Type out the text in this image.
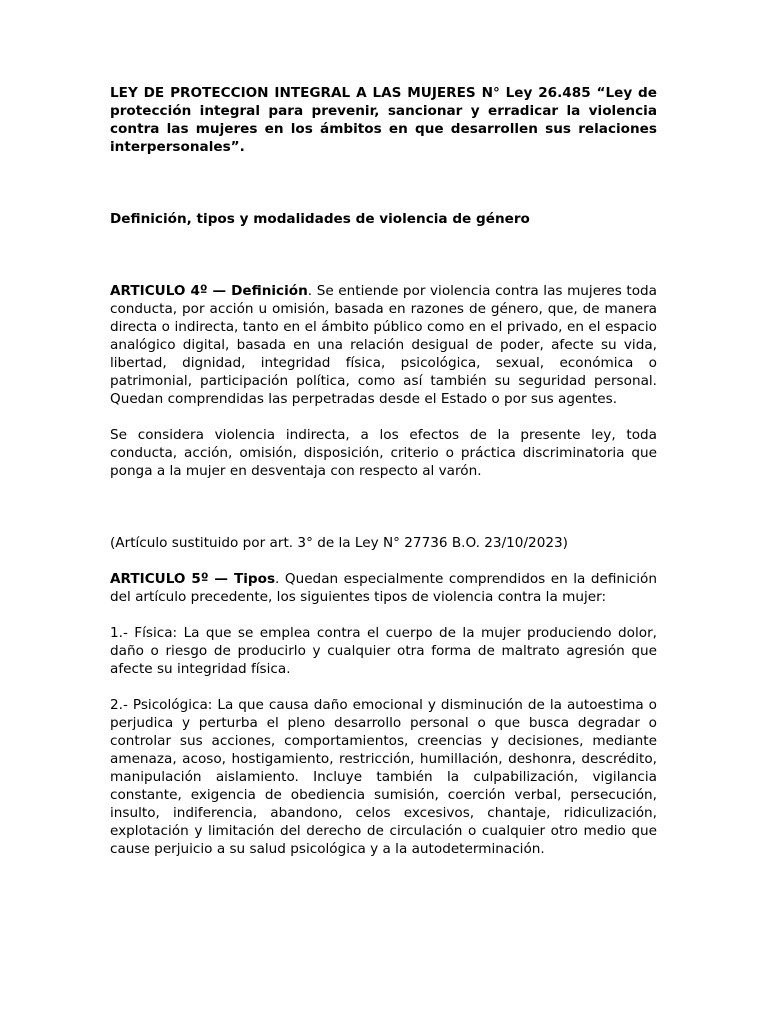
LEY DE PROTECCION INTEGRAL A LAS MUJERES N° Ley 26.485 “Ley de protección integral para prevenir, sancionar y erradicar la violencia contra las mujeres en los ámbitos en que desarrollen sus relaciones interpersonales”.

Definición, tipos y modalidades de violencia de género

ARTICULO 4º — Definición. Se entiende por violencia contra las mujeres toda conducta, por acción u omisión, basada en razones de género, que, de manera directa o indirecta, tanto en el ámbito público como en el privado, en el espacio analógico digital, basada en una relación desigual de poder, afecte su vida, libertad, dignidad, integridad física, psicológica, sexual, económica o patrimonial, participación política, como así también su seguridad personal. Quedan comprendidas las perpetradas desde el Estado o por sus agentes.

Se considera violencia indirecta, a los efectos de la presente ley, toda conducta, acción, omisión, disposición, criterio o práctica discriminatoria que ponga a la mujer en desventaja con respecto al varón.

(Artículo sustituido por art. 3° de la Ley N° 27736 B.O. 23/10/2023)

ARTICULO 5º — Tipos. Quedan especialmente comprendidos en la definición del artículo precedente, los siguientes tipos de violencia contra la mujer:

1.- Física: La que se emplea contra el cuerpo de la mujer produciendo dolor, daño o riesgo de producirlo y cualquier otra forma de maltrato agresión que afecte su integridad física.

2.- Psicológica: La que causa daño emocional y disminución de la autoestima o perjudica y perturba el pleno desarrollo personal o que busca degradar o controlar sus acciones, comportamientos, creencias y decisiones, mediante amenaza, acoso, hostigamiento, restricción, humillación, deshonra, descrédito, manipulación aislamiento. Incluye también la culpabilización, vigilancia constante, exigencia de obediencia sumisión, coerción verbal, persecución, insulto, indiferencia, abandono, celos excesivos, chantaje, ridiculización, explotación y limitación del derecho de circulación o cualquier otro medio que cause perjuicio a su salud psicológica y a la autodeterminación.
